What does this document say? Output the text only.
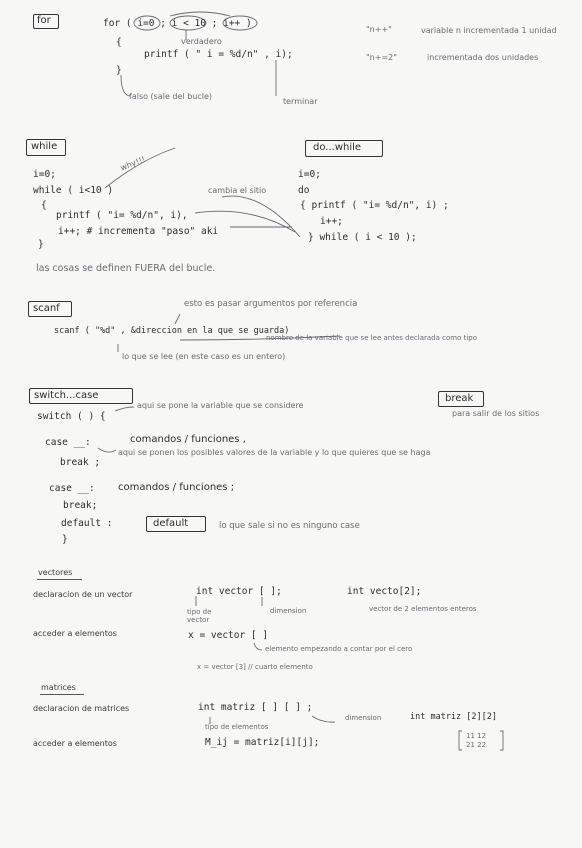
for	for ( i=0 ; i < 10 ; i++ )
{	verdadero
printf ( " i = %d/n" , i);
}
falso (sale del bucle)
terminar
"n++"	variable n incrementada 1 unidad
"n+=2"	incrementada dos unidades
while
i=0;
while ( i<10 )
{
printf ( "i= %d/n", i),
i++; # incrementa "paso" aki
}
why!!!
cambia el sitio
las cosas se definen FUERA del bucle.
do...while
i=0;
do
{ printf ( "i= %d/n", i) ;
i++;
} while ( i < 10 );
scanf	esto es pasar argumentos por referencia
scanf ( "%d" , &direccion en la que se guarda)
nombre de la variable que se lee antes declarada como tipo
lo que se lee (en este caso es un entero)
switch...case
switch ( ) {
aqui se pone la variable que se considere
case __:	comandos / funciones ,
break ;
aqui se ponen los posibles valores de la variable y lo que quieres que se haga
case __: comandos / funciones ;
break;
default :	default	lo que sale si no es ninguno case
}
break
para salir de los sitios
vectores
declaracion de un vector	int vector [ ];
tipo de vector
dimension
int vecto[2];
vector de 2 elementos enteros
acceder a elementos	x = vector [ ]
elemento empezando a contar por el cero
x = vector [3] // cuarto elemento
matrices
declaracion de matrices	int matriz [ ] [ ] ;
tipo de elementos
dimension	int matriz [2][2]
acceder a elementos	M_ij = matriz[i][j];
11 12
21 22
